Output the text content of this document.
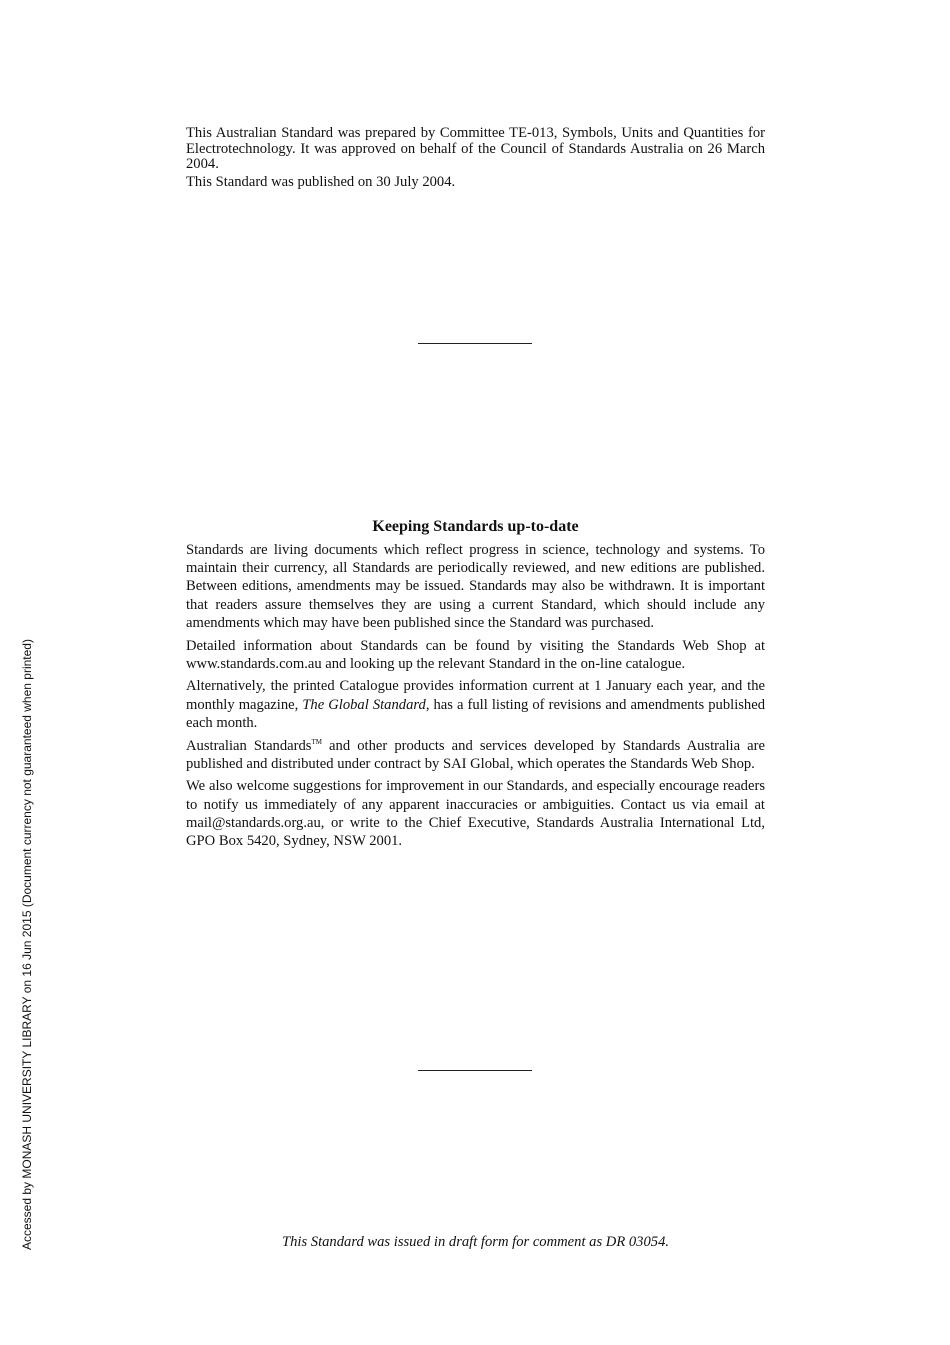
This Australian Standard was prepared by Committee TE-013, Symbols, Units and Quantities for Electrotechnology. It was approved on behalf of the Council of Standards Australia on 26 March 2004.

This Standard was published on 30 July 2004.

Keeping Standards up-to-date

Standards are living documents which reflect progress in science, technology and systems. To maintain their currency, all Standards are periodically reviewed, and new editions are published. Between editions, amendments may be issued. Standards may also be withdrawn. It is important that readers assure themselves they are using a current Standard, which should include any amendments which may have been published since the Standard was purchased.

Detailed information about Standards can be found by visiting the Standards Web Shop at www.standards.com.au and looking up the relevant Standard in the on-line catalogue.

Alternatively, the printed Catalogue provides information current at 1 January each year, and the monthly magazine, The Global Standard, has a full listing of revisions and amendments published each month.

Australian Standards™ and other products and services developed by Standards Australia are published and distributed under contract by SAI Global, which operates the Standards Web Shop.

We also welcome suggestions for improvement in our Standards, and especially encourage readers to notify us immediately of any apparent inaccuracies or ambiguities. Contact us via email at mail@standards.org.au, or write to the Chief Executive, Standards Australia International Ltd, GPO Box 5420, Sydney, NSW 2001.

This Standard was issued in draft form for comment as DR 03054.
Accessed by MONASH UNIVERSITY LIBRARY on 16 Jun 2015 (Document currency not guaranteed when printed)
